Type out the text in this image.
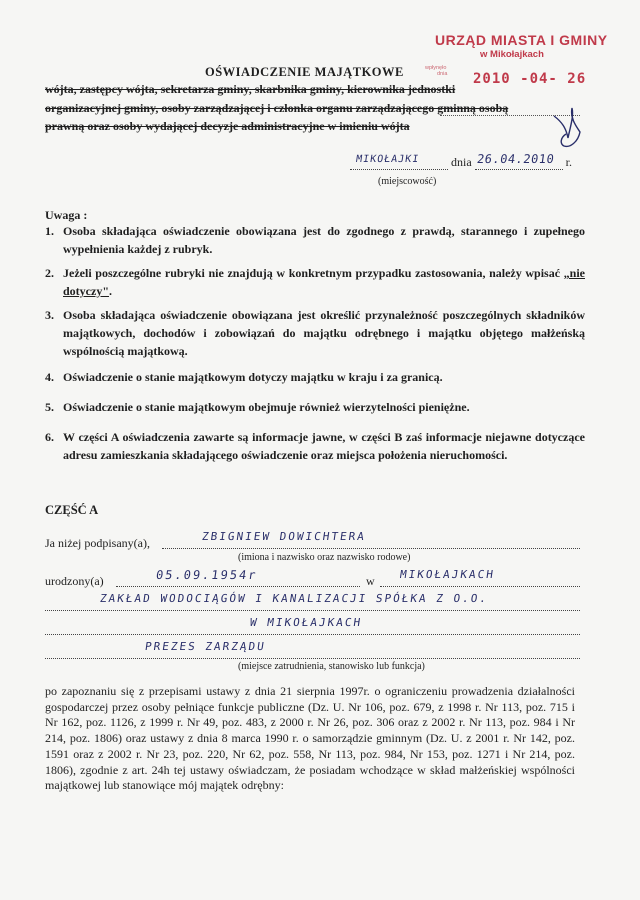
URZĄD MIASTA I GMINY
w Mikołajkach
wpłynęło
dnia 2010 -04- 26
OŚWIADCZENIE MAJĄTKOWE
wójta, zastępcy wójta, sekretarza gminy, skarbnika gminy, kierownika jednostki
organizacyjnej gminy, osoby zarządzającej i członka organu zarządzającego gminną osobą
prawną oraz osoby wydającej decyzje administracyjne w imieniu wójta
MIKOŁAJKI	dnia 26.04.2010 r.
(miejscowość)
Uwaga :
1. Osoba składająca oświadczenie obowiązana jest do zgodnego z prawdą, starannego i zupełnego wypełnienia każdej z rubryk.
2. Jeżeli poszczególne rubryki nie znajdują w konkretnym przypadku zastosowania, należy wpisać „nie dotyczy".
3. Osoba składająca oświadczenie obowiązana jest określić przynależność poszczególnych składników majątkowych, dochodów i zobowiązań do majątku odrębnego i majątku objętego małżeńską wspólnością majątkową.
4. Oświadczenie o stanie majątkowym dotyczy majątku w kraju i za granicą.
5. Oświadczenie o stanie majątkowym obejmuje również wierzytelności pieniężne.
6. W części A oświadczenia zawarte są informacje jawne, w części B zaś informacje niejawne dotyczące adresu zamieszkania składającego oświadczenie oraz miejsca położenia nieruchomości.
CZĘŚĆ A
Ja niżej podpisany(a),	ZBIGNIEW DOWICHTERA
(imiona i nazwisko oraz nazwisko rodowe)
urodzony(a)	05.09.1954r	w MIKOŁAJKACH
ZAKŁAD WODOCIĄGÓW I KANALIZACJI SPÓŁKA Z O.O.
W MIKOŁAJKACH
PREZES ZARZĄDU
(miejsce zatrudnienia, stanowisko lub funkcja)
po zapoznaniu się z przepisami ustawy z dnia 21 sierpnia 1997r. o ograniczeniu prowadzenia działalności gospodarczej przez osoby pełniące funkcje publiczne (Dz. U. Nr 106, poz. 679, z 1998 r. Nr 113, poz. 715 i Nr 162, poz. 1126, z 1999 r. Nr 49, poz. 483, z 2000 r. Nr 26, poz. 306 oraz z 2002 r. Nr 113, poz. 984 i Nr 214, poz. 1806) oraz ustawy z dnia 8 marca 1990 r. o samorządzie gminnym (Dz. U. z 2001 r. Nr 142, poz. 1591 oraz z 2002 r. Nr 23, poz. 220, Nr 62, poz. 558, Nr 113, poz. 984, Nr 153, poz. 1271 i Nr 214, poz. 1806), zgodnie z art. 24h tej ustawy oświadczam, że posiadam wchodzące w skład małżeńskiej wspólności majątkowej lub stanowiące mój majątek odrębny:
